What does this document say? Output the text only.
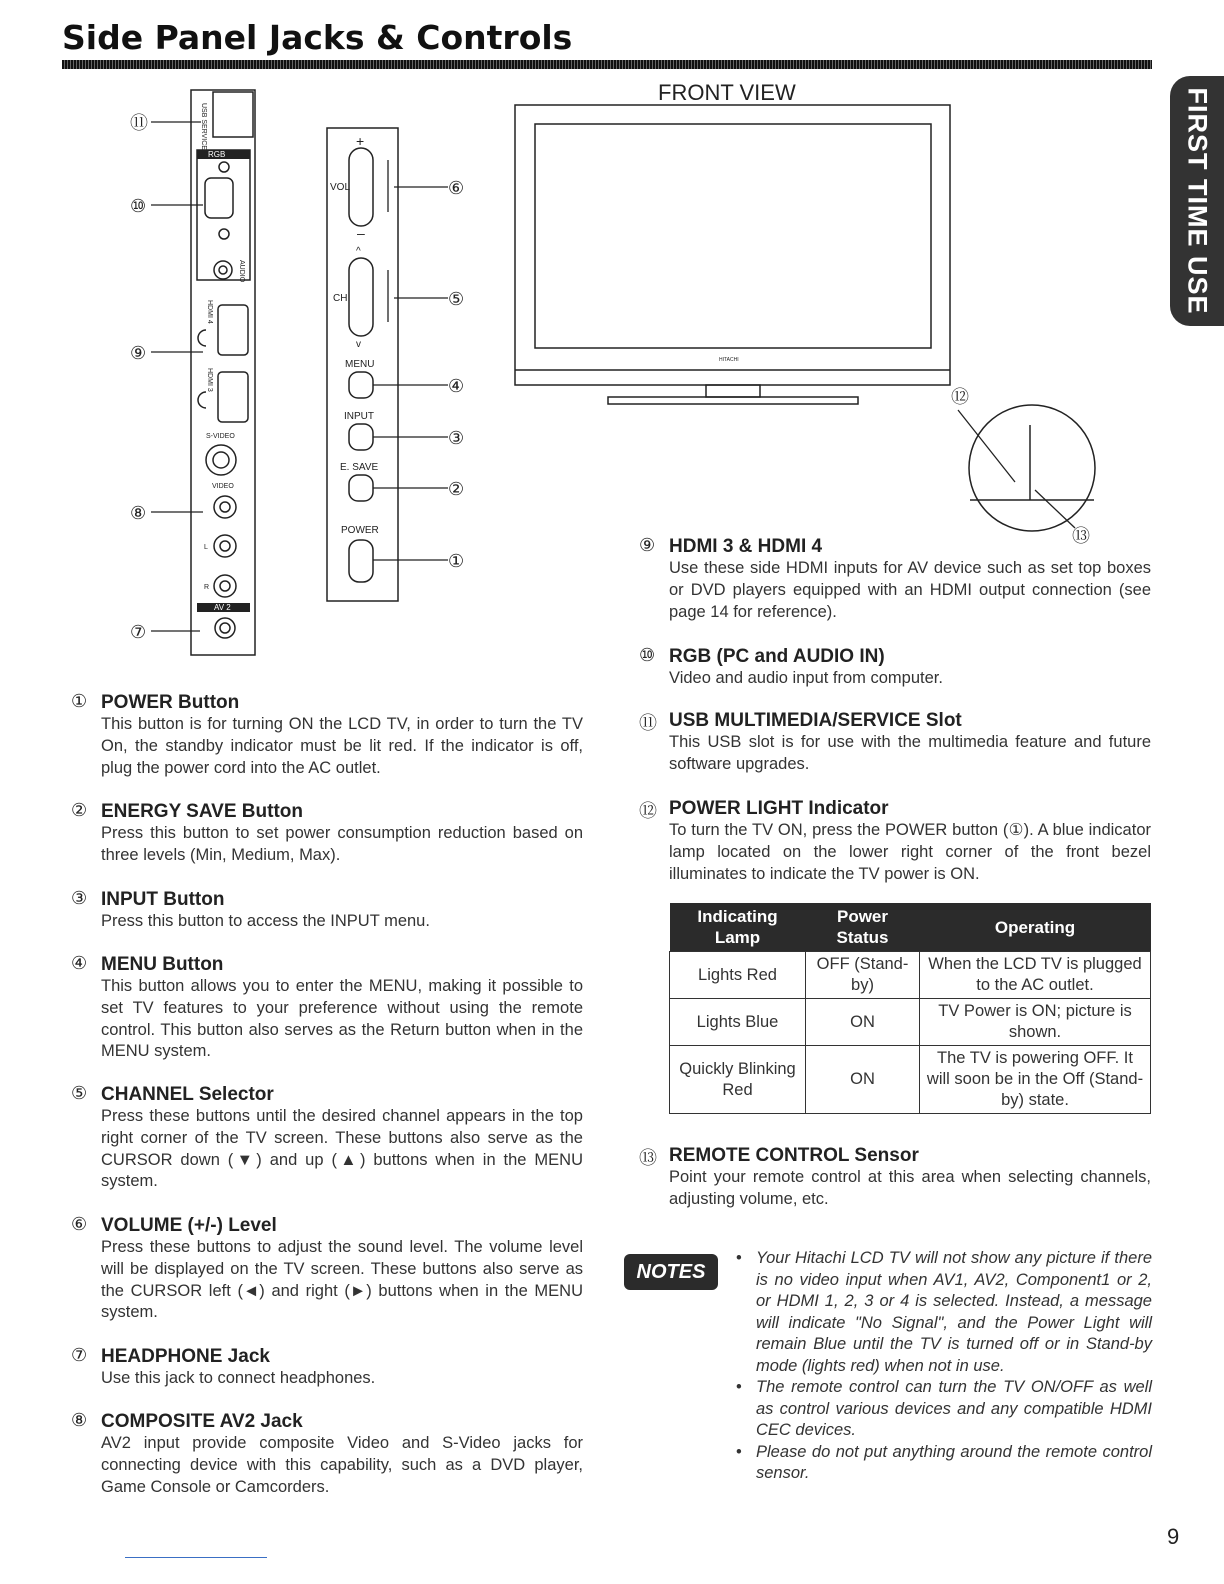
Side Panel Jacks & Controls
FIRST TIME USE
FRONT VIEW
⑪
⑩
⑨
⑧
⑦
RGB
AV 2
S-VIDEO
VIDEO
L
R
USB SERVICE
AUDIO
HDMI 4
HDMI 3
⑥
⑤
④
③
②
①
+
–
^
v
VOL
CH
MENU
INPUT
E. SAVE
POWER
⑫
⑬
HITACHI
① POWER Button

This button is for turning ON the LCD TV, in order to turn the TV On, the standby indicator must be lit red. If the indicator is off, plug the power cord into the AC outlet.

② ENERGY SAVE Button

Press this button to set power consumption reduction based on three levels (Min, Medium, Max).

③ INPUT Button

Press this button to access the INPUT menu.

④ MENU Button

This button allows you to enter the MENU, making it possible to set TV features to your preference without using the remote control. This button also serves as the Return button when in the MENU system.

⑤ CHANNEL Selector

Press these buttons until the desired channel appears in the top right corner of the TV screen. These buttons also serve as the CURSOR down (▼) and up (▲) buttons when in the MENU system.

⑥ VOLUME (+/-) Level

Press these buttons to adjust the sound level. The volume level will be displayed on the TV screen. These buttons also serve as the CURSOR left (◄) and right (►) buttons when in the MENU system.

⑦ HEADPHONE Jack

Use this jack to connect headphones.

⑧ COMPOSITE AV2 Jack

AV2 input provide composite Video and S-Video jacks for connecting device with this capability, such as a DVD player, Game Console or Camcorders.

⑨ HDMI 3 & HDMI 4

Use these side HDMI inputs for AV device such as set top boxes or DVD players equipped with an HDMI output connection (see page 14 for reference).

⑩ RGB (PC and AUDIO IN)

Video and audio input from computer.

⑪ USB MULTIMEDIA/SERVICE Slot

This USB slot is for use with the multimedia feature and future software upgrades.

⑫ POWER LIGHT Indicator

To turn the TV ON, press the POWER button (①). A blue indicator lamp located on the lower right corner of the front bezel illuminates to indicate the TV power is ON.

Indicating Lamp	Power Status	Operating
Lights Red	OFF (Stand-by)	When the LCD TV is plugged to the AC outlet.
Lights Blue	ON	TV Power is ON; picture is shown.
Quickly Blinking Red	ON	The TV is powering OFF. It will soon be in the Off (Stand-by) state.
⑬ REMOTE CONTROL Sensor

Point your remote control at this area when selecting channels, adjusting volume, etc.

NOTES
• Your Hitachi LCD TV will not show any picture if there is no video input when AV1, AV2, Component1 or 2, or HDMI 1, 2, 3 or 4 is selected. Instead, a message will indicate "No Signal", and the Power Light will remain Blue until the TV is turned off or in Stand-by mode (lights red) when not in use.
• The remote control can turn the TV ON/OFF as well as control various devices and any compatible HDMI CEC devices.
• Please do not put anything around the remote control sensor.
9
